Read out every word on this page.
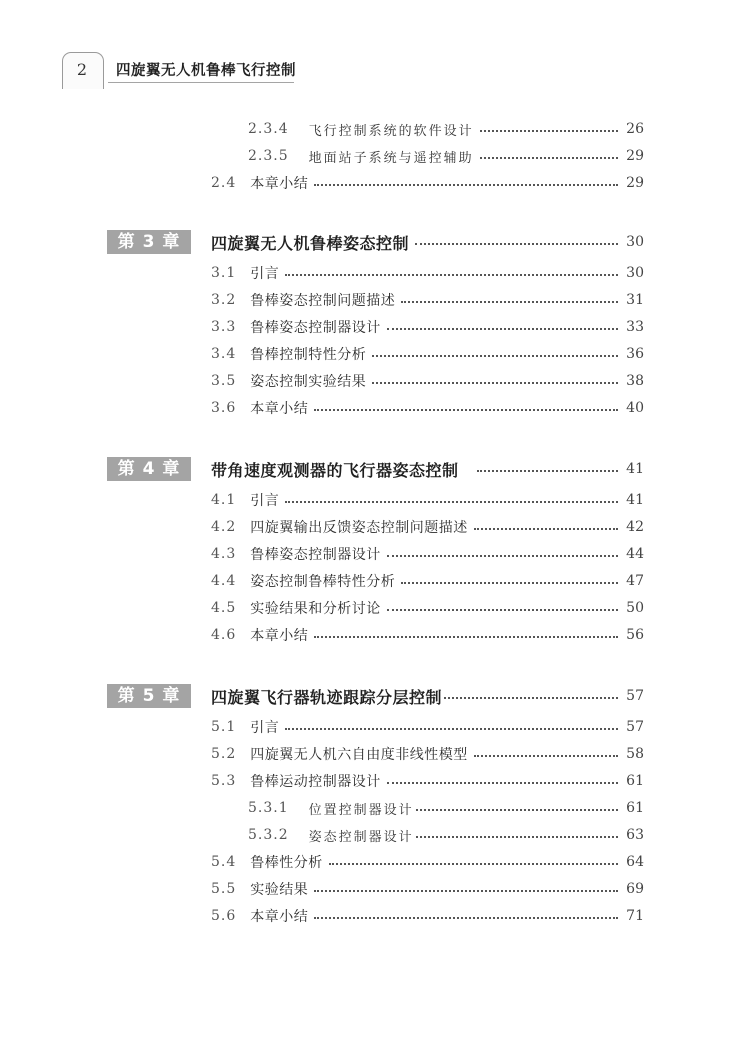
2	四旋翼无人机鲁棒飞行控制
2.3.4 飞行控制系统的软件设计	26
2.3.5 地面站子系统与遥控辅助	29
2.4 本章小结	29
第 3 章	四旋翼无人机鲁棒姿态控制	30
3.1 引言	30
3.2 鲁棒姿态控制问题描述	31
3.3 鲁棒姿态控制器设计	33
3.4 鲁棒控制特性分析	36
3.5 姿态控制实验结果	38
3.6 本章小结	40
第 4 章	带角速度观测器的飞行器姿态控制	41
4.1 引言	41
4.2 四旋翼输出反馈姿态控制问题描述	42
4.3 鲁棒姿态控制器设计	44
4.4 姿态控制鲁棒特性分析	47
4.5 实验结果和分析讨论	50
4.6 本章小结	56
第 5 章	四旋翼飞行器轨迹跟踪分层控制	57
5.1 引言	57
5.2 四旋翼无人机六自由度非线性模型	58
5.3 鲁棒运动控制器设计	61
5.3.1 位置控制器设计	61
5.3.2 姿态控制器设计	63
5.4 鲁棒性分析	64
5.5 实验结果	69
5.6 本章小结	71
